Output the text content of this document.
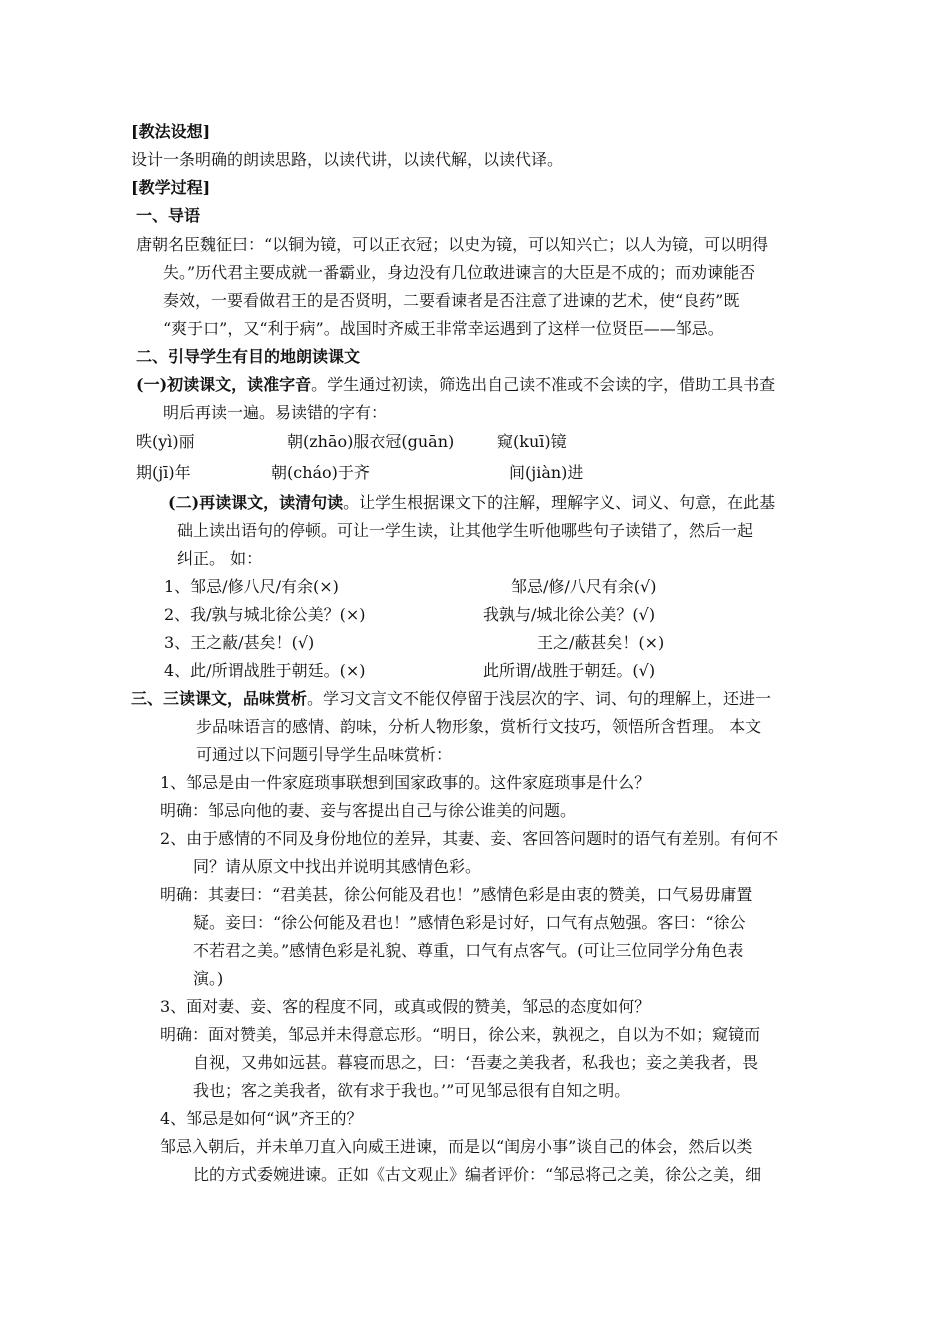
[教法设想]
设计一条明确的朗读思路，以读代讲，以读代解，以读代译。
[教学过程]
一、导语
唐朝名臣魏征曰：“以铜为镜，可以正衣冠；以史为镜，可以知兴亡；以人为镜，可以明得
失。”历代君主要成就一番霸业，身边没有几位敢进谏言的大臣是不成的；而劝谏能否
奏效，一要看做君王的是否贤明，二要看谏者是否注意了进谏的艺术，使“良药”既
“爽于口”，又“利于病”。战国时齐威王非常幸运遇到了这样一位贤臣——邹忌。
二、引导学生有目的地朗读课文
(一)初读课文，读准字音。学生通过初读，筛选出自己读不准或不会读的字，借助工具书查
明后再读一遍。易读错的字有：
昳(yì)丽	朝(zhāo)服衣冠(guān)	窥(kuī)镜
期(jī)年	朝(cháo)于齐	间(jiàn)进
(二)再读课文，读清句读。让学生根据课文下的注解，理解字义、词义、句意，在此基
础上读出语句的停顿。可让一学生读，让其他学生听他哪些句子读错了，然后一起
纠正。 如：
1、邹忌/修八尺/有余(×)	邹忌/修/八尺有余(√)
2、我/孰与城北徐公美？(×)	我孰与/城北徐公美？(√)
3、王之蔽/甚矣！(√)	王之/蔽甚矣！(×)
4、此/所谓战胜于朝廷。(×)	此所谓/战胜于朝廷。(√)
三、三读课文，品味赏析。学习文言文不能仅停留于浅层次的字、词、句的理解上，还进一
步品味语言的感情、韵味，分析人物形象，赏析行文技巧，领悟所含哲理。 本文
可通过以下问题引导学生品味赏析：
1、邹忌是由一件家庭琐事联想到国家政事的。这件家庭琐事是什么？
明确：邹忌向他的妻、妾与客提出自己与徐公谁美的问题。
2、由于感情的不同及身份地位的差异，其妻、妾、客回答问题时的语气有差别。有何不
同？请从原文中找出并说明其感情色彩。
明确：其妻曰：“君美甚，徐公何能及君也！”感情色彩是由衷的赞美，口气易毋庸置
疑。妾曰：“徐公何能及君也！”感情色彩是讨好，口气有点勉强。客曰：“徐公
不若君之美。”感情色彩是礼貌、尊重，口气有点客气。(可让三位同学分角色表
演。)
3、面对妻、妾、客的程度不同，或真或假的赞美，邹忌的态度如何？
明确：面对赞美，邹忌并未得意忘形。“明日，徐公来，孰视之，自以为不如；窥镜而
自视，又弗如远甚。暮寝而思之，曰：‘吾妻之美我者，私我也；妾之美我者，畏
我也；客之美我者，欲有求于我也。’”可见邹忌很有自知之明。
4、邹忌是如何“讽”齐王的？
邹忌入朝后，并未单刀直入向威王进谏，而是以“闺房小事”谈自己的体会，然后以类
比的方式委婉进谏。正如《古文观止》编者评价：“邹忌将己之美，徐公之美，细
